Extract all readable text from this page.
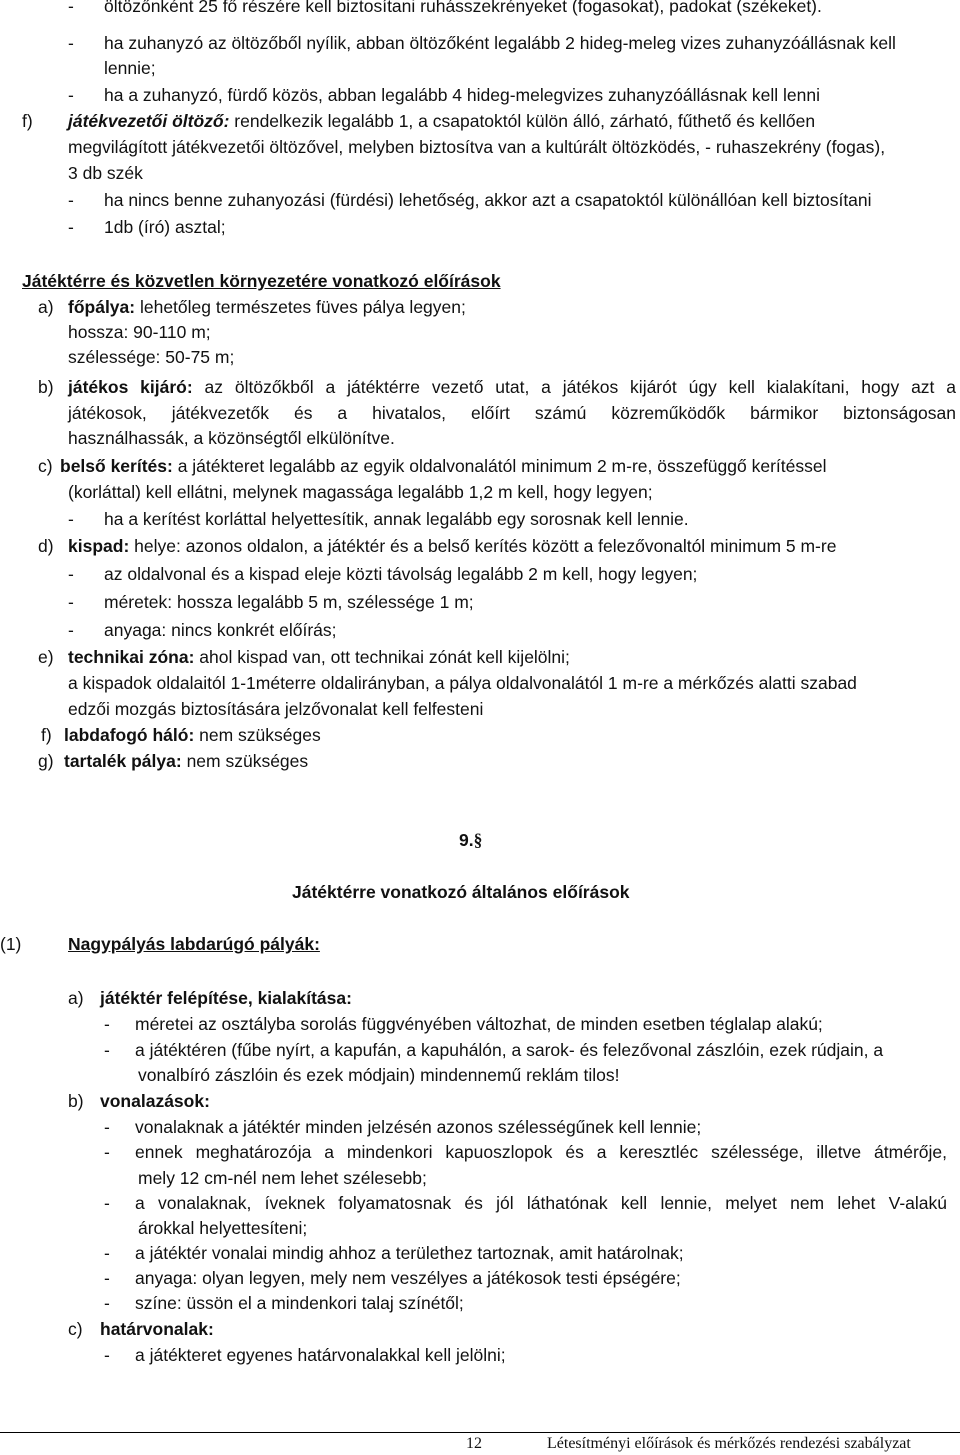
- öltözőnként 25 fő részére kell biztosítani ruhásszekrényeket (fogasokat), padokat (székeket).
- ha zuhanyzó az öltözőből nyílik, abban öltözőként legalább 2 hideg-meleg vizes zuhanyzóállásnak kell
lennie;
- ha a zuhanyzó, fürdő közös, abban legalább 4 hideg-melegvizes zuhanyzóállásnak kell lenni
f) játékvezetői öltöző: rendelkezik legalább 1, a csapatoktól külön álló, zárható, fűthető és kellően
megvilágított játékvezetői öltözővel, melyben biztosítva van a kultúrált öltözködés, - ruhaszekrény (fogas),
3 db szék
- ha nincs benne zuhanyozási (fürdési) lehetőség, akkor azt a csapatoktól különállóan kell biztosítani
- 1db (író) asztal;
Játéktérre és közvetlen környezetére vonatkozó előírások
a) főpálya: lehetőleg természetes füves pálya legyen;
hossza: 90-110 m;
szélessége: 50-75 m;
b) játékos kijáró: az öltözőkből a játéktérre vezető utat, a játékos kijárót úgy kell kialakítani, hogy azt a
játékosok, játékvezetők és a hivatalos, előírt számú közreműködők bármikor biztonságosan
használhassák, a közönségtől elkülönítve.
c) belső kerítés: a játékteret legalább az egyik oldalvonalától minimum 2 m-re, összefüggő kerítéssel
(korláttal) kell ellátni, melynek magassága legalább 1,2 m kell, hogy legyen;
- ha a kerítést korláttal helyettesítik, annak legalább egy sorosnak kell lennie.
d) kispad: helye: azonos oldalon, a játéktér és a belső kerítés között a felezővonaltól minimum 5 m-re
- az oldalvonal és a kispad eleje közti távolság legalább 2 m kell, hogy legyen;
- méretek: hossza legalább 5 m, szélessége 1 m;
- anyaga: nincs konkrét előírás;
e) technikai zóna: ahol kispad van, ott technikai zónát kell kijelölni;
a kispadok oldalaitól 1-1méterre oldalirányban, a pálya oldalvonalától 1 m-re a mérkőzés alatti szabad
edzői mozgás biztosítására jelzővonalat kell felfesteni
f) labdafogó háló: nem szükséges
g) tartalék pálya: nem szükséges
9.§
Játéktérre vonatkozó általános előírások
(1)	Nagypályás labdarúgó pályák:
a) játéktér felépítése, kialakítása:
- méretei az osztályba sorolás függvényében változhat, de minden esetben téglalap alakú;
- a játéktéren (fűbe nyírt, a kapufán, a kapuhálón, a sarok- és felezővonal zászlóin, ezek rúdjain, a
vonalbíró zászlóin és ezek módjain) mindennemű reklám tilos!
b) vonalazások:
- vonalaknak a játéktér minden jelzésén azonos szélességűnek kell lennie;
- ennek meghatározója a mindenkori kapuoszlopok és a keresztléc szélessége, illetve átmérője,
mely 12 cm-nél nem lehet szélesebb;
- a vonalaknak, íveknek folyamatosnak és jól láthatónak kell lennie, melyet nem lehet V-alakú
árokkal helyettesíteni;
- a játéktér vonalai mindig ahhoz a területhez tartoznak, amit határolnak;
- anyaga: olyan legyen, mely nem veszélyes a játékosok testi épségére;
- színe: üssön el a mindenkori talaj színétől;
c) határvonalak:
- a játékteret egyenes határvonalakkal kell jelölni;
12	Létesítményi előírások és mérkőzés rendezési szabályzat
